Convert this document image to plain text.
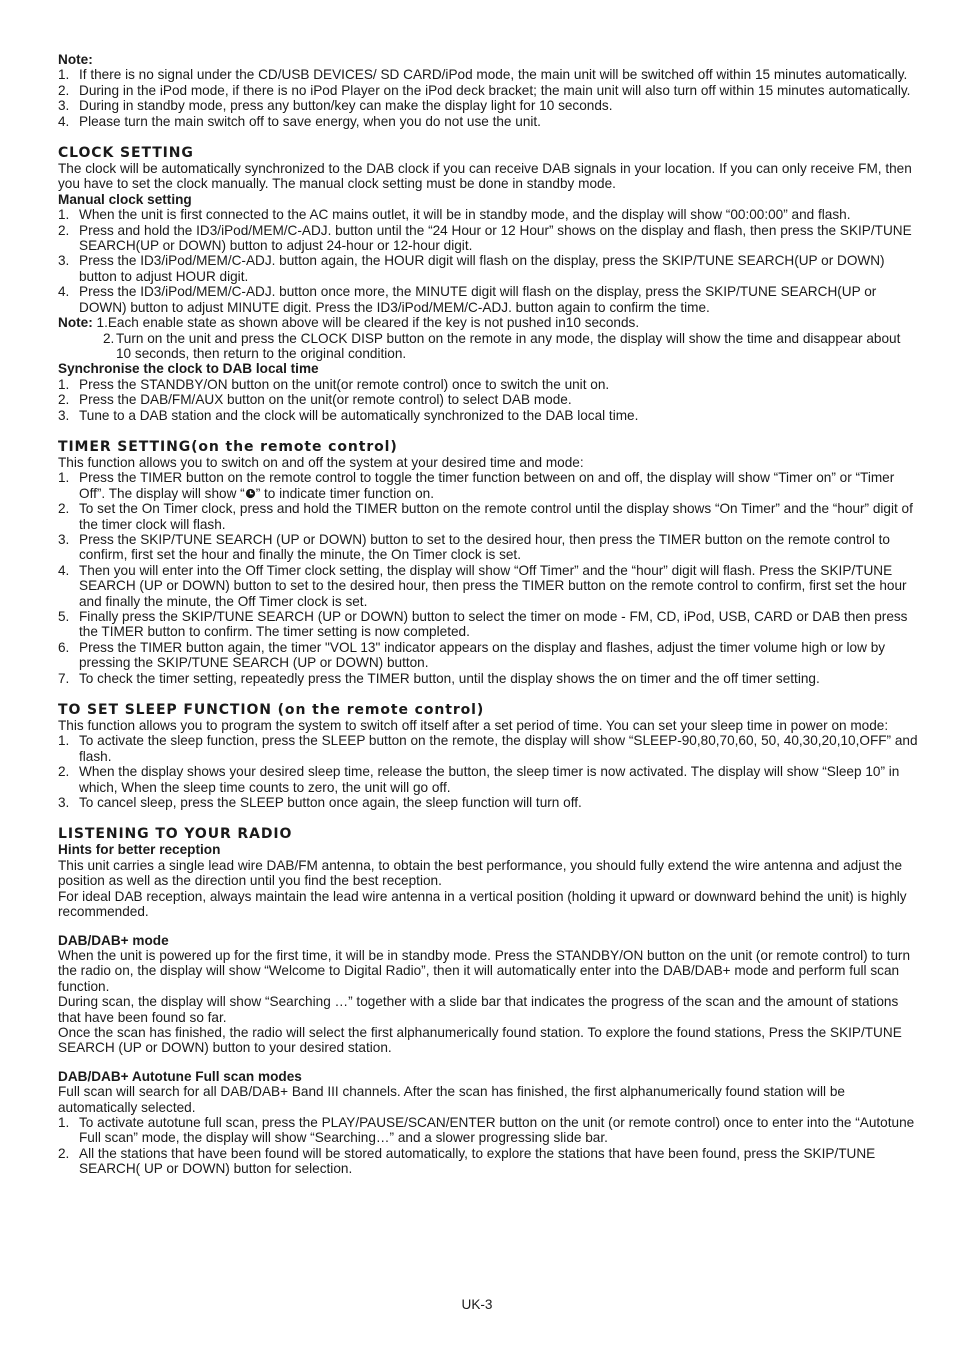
Note:
1. If there is no signal under the CD/USB DEVICES/ SD CARD/iPod mode, the main unit will be switched off within 15 minutes automatically.
2. During in the iPod mode, if there is no iPod Player on the iPod deck bracket; the main unit will also turn off within 15 minutes automatically.
3. During in standby mode, press any button/key can make the display light for 10 seconds.
4. Please turn the main switch off to save energy, when you do not use the unit.
CLOCK SETTING

The clock will be automatically synchronized to the DAB clock if you can receive DAB signals in your location. If you can only receive FM, then you have to set the clock manually. The manual clock setting must be done in standby mode.

Manual clock setting
1. When the unit is first connected to the AC mains outlet, it will be in standby mode, and the display will show “00:00:00” and flash.
2. Press and hold the ID3/iPod/MEM/C-ADJ. button until the “24 Hour or 12 Hour” shows on the display and flash, then press the SKIP/TUNE SEARCH(UP or DOWN) button to adjust 24-hour or 12-hour digit.
3. Press the ID3/iPod/MEM/C-ADJ. button again, the HOUR digit will flash on the display, press the SKIP/TUNE SEARCH(UP or DOWN) button to adjust HOUR digit.
4. Press the ID3/iPod/MEM/C-ADJ. button once more, the MINUTE digit will flash on the display, press the SKIP/TUNE SEARCH(UP or DOWN) button to adjust MINUTE digit. Press the ID3/iPod/MEM/C-ADJ. button again to confirm the time.
Note: 1.Each enable state as shown above will be cleared if the key is not pushed in10 seconds.
2. Turn on the unit and press the CLOCK DISP button on the remote in any mode, the display will show the time and disappear about 10 seconds, then return to the original condition.
Synchronise the clock to DAB local time
1. Press the STANDBY/ON button on the unit(or remote control) once to switch the unit on.
2. Press the DAB/FM/AUX button on the unit(or remote control) to select DAB mode.
3. Tune to a DAB station and the clock will be automatically synchronized to the DAB local time.
TIMER SETTING(on the remote control)

This function allows you to switch on and off the system at your desired time and mode:

1. Press the TIMER button on the remote control to toggle the timer function between on and off, the display will show “Timer on” or “Timer Off”. The display will show “ ” to indicate timer function on.
2. To set the On Timer clock, press and hold the TIMER button on the remote control until the display shows “On Timer” and the “hour” digit of the timer clock will flash.
3. Press the SKIP/TUNE SEARCH (UP or DOWN) button to set to the desired hour, then press the TIMER button on the remote control to confirm, first set the hour and finally the minute, the On Timer clock is set.
4. Then you will enter into the Off Timer clock setting, the display will show “Off Timer” and the “hour” digit will flash. Press the SKIP/TUNE SEARCH (UP or DOWN) button to set to the desired hour, then press the TIMER button on the remote control to confirm, first set the hour and finally the minute, the Off Timer clock is set.
5. Finally press the SKIP/TUNE SEARCH (UP or DOWN) button to select the timer on mode - FM, CD, iPod, USB, CARD or DAB then press the TIMER button to confirm. The timer setting is now completed.
6. Press the TIMER button again, the timer "VOL 13" indicator appears on the display and flashes, adjust the timer volume high or low by pressing the SKIP/TUNE SEARCH (UP or DOWN) button.
7. To check the timer setting, repeatedly press the TIMER button, until the display shows the on timer and the off timer setting.
TO SET SLEEP FUNCTION (on the remote control)

This function allows you to program the system to switch off itself after a set period of time. You can set your sleep time in power on mode:

1. To activate the sleep function, press the SLEEP button on the remote, the display will show “SLEEP-90,80,70,60, 50, 40,30,20,10,OFF” and flash.
2. When the display shows your desired sleep time, release the button, the sleep timer is now activated. The display will show “Sleep 10” in which, When the sleep time counts to zero, the unit will go off.
3. To cancel sleep, press the SLEEP button once again, the sleep function will turn off.
LISTENING TO YOUR RADIO
Hints for better reception

This unit carries a single lead wire DAB/FM antenna, to obtain the best performance, you should fully extend the wire antenna and adjust the position as well as the direction until you find the best reception.

For ideal DAB reception, always maintain the lead wire antenna in a vertical position (holding it upward or downward behind the unit) is highly recommended.

DAB/DAB+ mode

When the unit is powered up for the first time, it will be in standby mode. Press the STANDBY/ON button on the unit (or remote control) to turn the radio on, the display will show “Welcome to Digital Radio”, then it will automatically enter into the DAB/DAB+ mode and perform full scan function.

During scan, the display will show “Searching …” together with a slide bar that indicates the progress of the scan and the amount of stations that have been found so far.

Once the scan has finished, the radio will select the first alphanumerically found station. To explore the found stations, Press the SKIP/TUNE SEARCH (UP or DOWN) button to your desired station.

DAB/DAB+ Autotune Full scan modes

Full scan will search for all DAB/DAB+ Band III channels. After the scan has finished, the first alphanumerically found station will be automatically selected.

1. To activate autotune full scan, press the PLAY/PAUSE/SCAN/ENTER button on the unit (or remote control) once to enter into the “Autotune Full scan” mode, the display will show “Searching…” and a slower progressing slide bar.
2. All the stations that have been found will be stored automatically, to explore the stations that have been found, press the SKIP/TUNE SEARCH( UP or DOWN) button for selection.
UK-3
